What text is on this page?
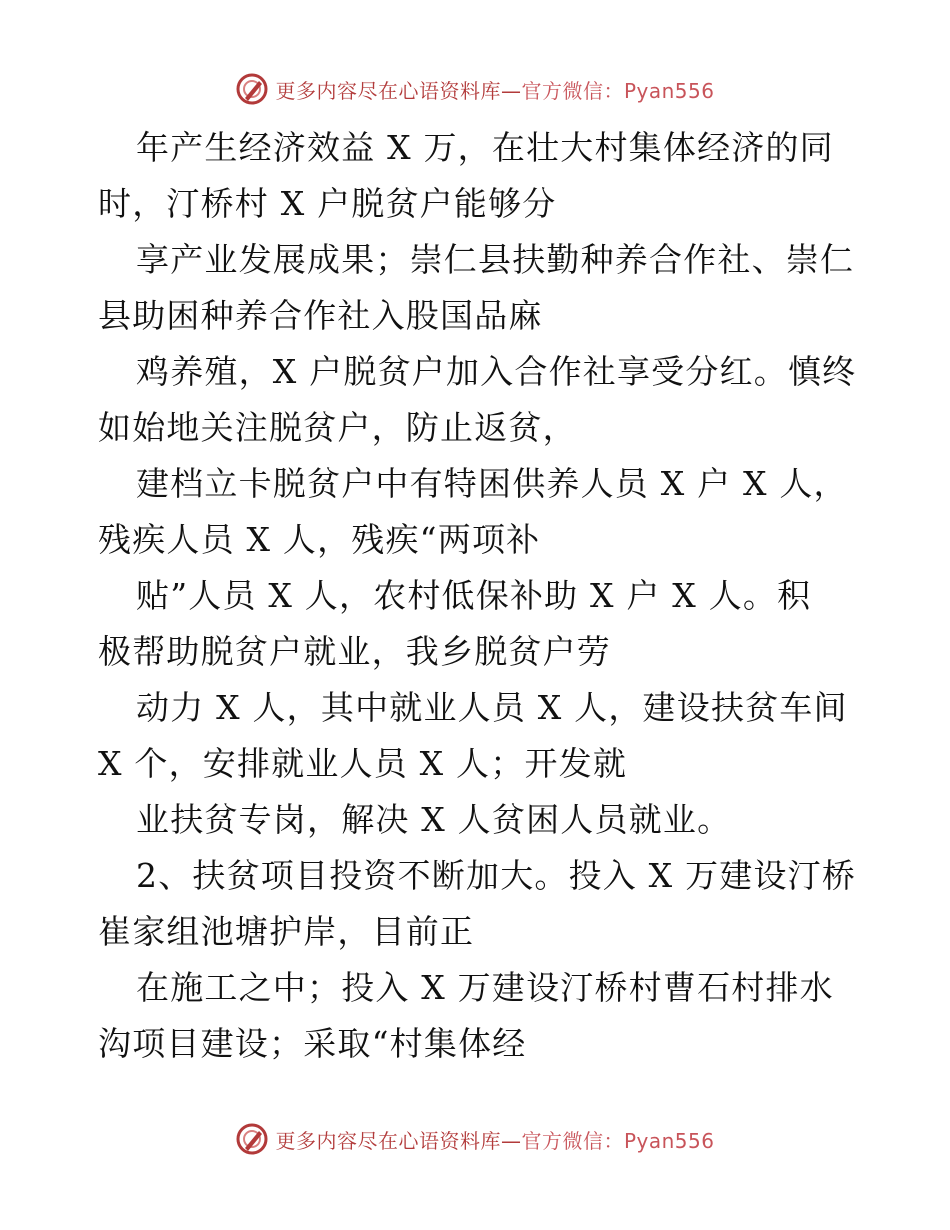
更多内容尽在心语资料库—官方微信：Pyan556

年产生经济效益 X 万，在壮大村集体经济的同
时，汀桥村 X 户脱贫户能够分
享产业发展成果；崇仁县扶勤种养合作社、崇仁
县助困种养合作社入股国品麻
鸡养殖，X 户脱贫户加入合作社享受分红。慎终
如始地关注脱贫户，防止返贫，
建档立卡脱贫户中有特困供养人员 X 户 X 人，
残疾人员 X 人，残疾“两项补
贴”人员 X 人，农村低保补助 X 户 X 人。积
极帮助脱贫户就业，我乡脱贫户劳
动力 X 人，其中就业人员 X 人，建设扶贫车间
X 个，安排就业人员 X 人；开发就
业扶贫专岗，解决 X 人贫困人员就业。
2、扶贫项目投资不断加大。投入 X 万建设汀桥
崔家组池塘护岸，目前正
在施工之中；投入 X 万建设汀桥村曹石村排水
沟项目建设；采取“村集体经

更多内容尽在心语资料库—官方微信：Pyan556
